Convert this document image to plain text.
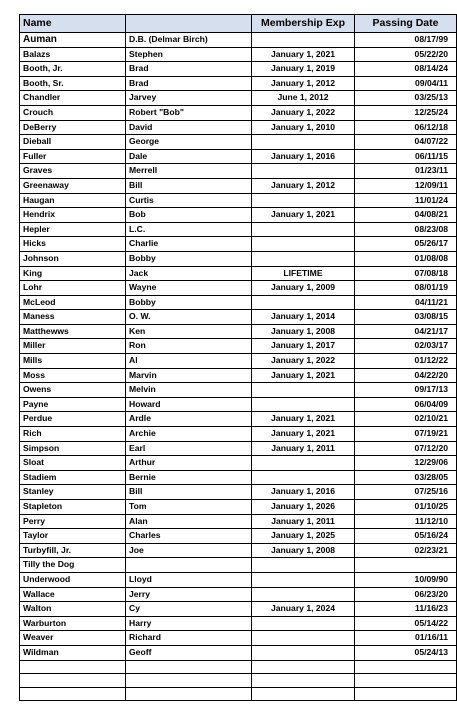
Name		Membership Exp	Passing Date
Auman	D.B. (Delmar Birch)		08/17/99
Balazs	Stephen	January 1, 2021	05/22/20
Booth, Jr.	Brad	January 1, 2019	08/14/24
Booth, Sr.	Brad	January 1, 2012	09/04/11
Chandler	Jarvey	June 1, 2012	03/25/13
Crouch	Robert "Bob"	January 1, 2022	12/25/24
DeBerry	David	January 1, 2010	06/12/18
Dieball	George		04/07/22
Fuller	Dale	January 1, 2016	06/11/15
Graves	Merrell		01/23/11
Greenaway	Bill	January 1, 2012	12/09/11
Haugan	Curtis		11/01/24
Hendrix	Bob	January 1, 2021	04/08/21
Hepler	L.C.		08/23/08
Hicks	Charlie		05/26/17
Johnson	Bobby		01/08/08
King	Jack	LIFETIME	07/08/18
Lohr	Wayne	January 1, 2009	08/01/19
McLeod	Bobby		04/11/21
Maness	O. W.	January 1, 2014	03/08/15
Matthewws	Ken	January 1, 2008	04/21/17
Miller	Ron	January 1, 2017	02/03/17
Mills	Al	January 1, 2022	01/12/22
Moss	Marvin	January 1, 2021	04/22/20
Owens	Melvin		09/17/13
Payne	Howard		06/04/09
Perdue	Ardle	January 1, 2021	02/10/21
Rich	Archie	January 1, 2021	07/19/21
Simpson	Earl	January 1, 2011	07/12/20
Sloat	Arthur		12/29/06
Stadiem	Bernie		03/28/05
Stanley	Bill	January 1, 2016	07/25/16
Stapleton	Tom	January 1, 2026	01/10/25
Perry	Alan	January 1, 2011	11/12/10
Taylor	Charles	January 1, 2025	05/16/24
Turbyfill, Jr.	Joe	January 1, 2008	02/23/21
Tilly the Dog			
Underwood	Lloyd		10/09/90
Wallace	Jerry		06/23/20
Walton	Cy	January 1, 2024	11/16/23
Warburton	Harry		05/14/22
Weaver	Richard		01/16/11
Wildman	Geoff		05/24/13
